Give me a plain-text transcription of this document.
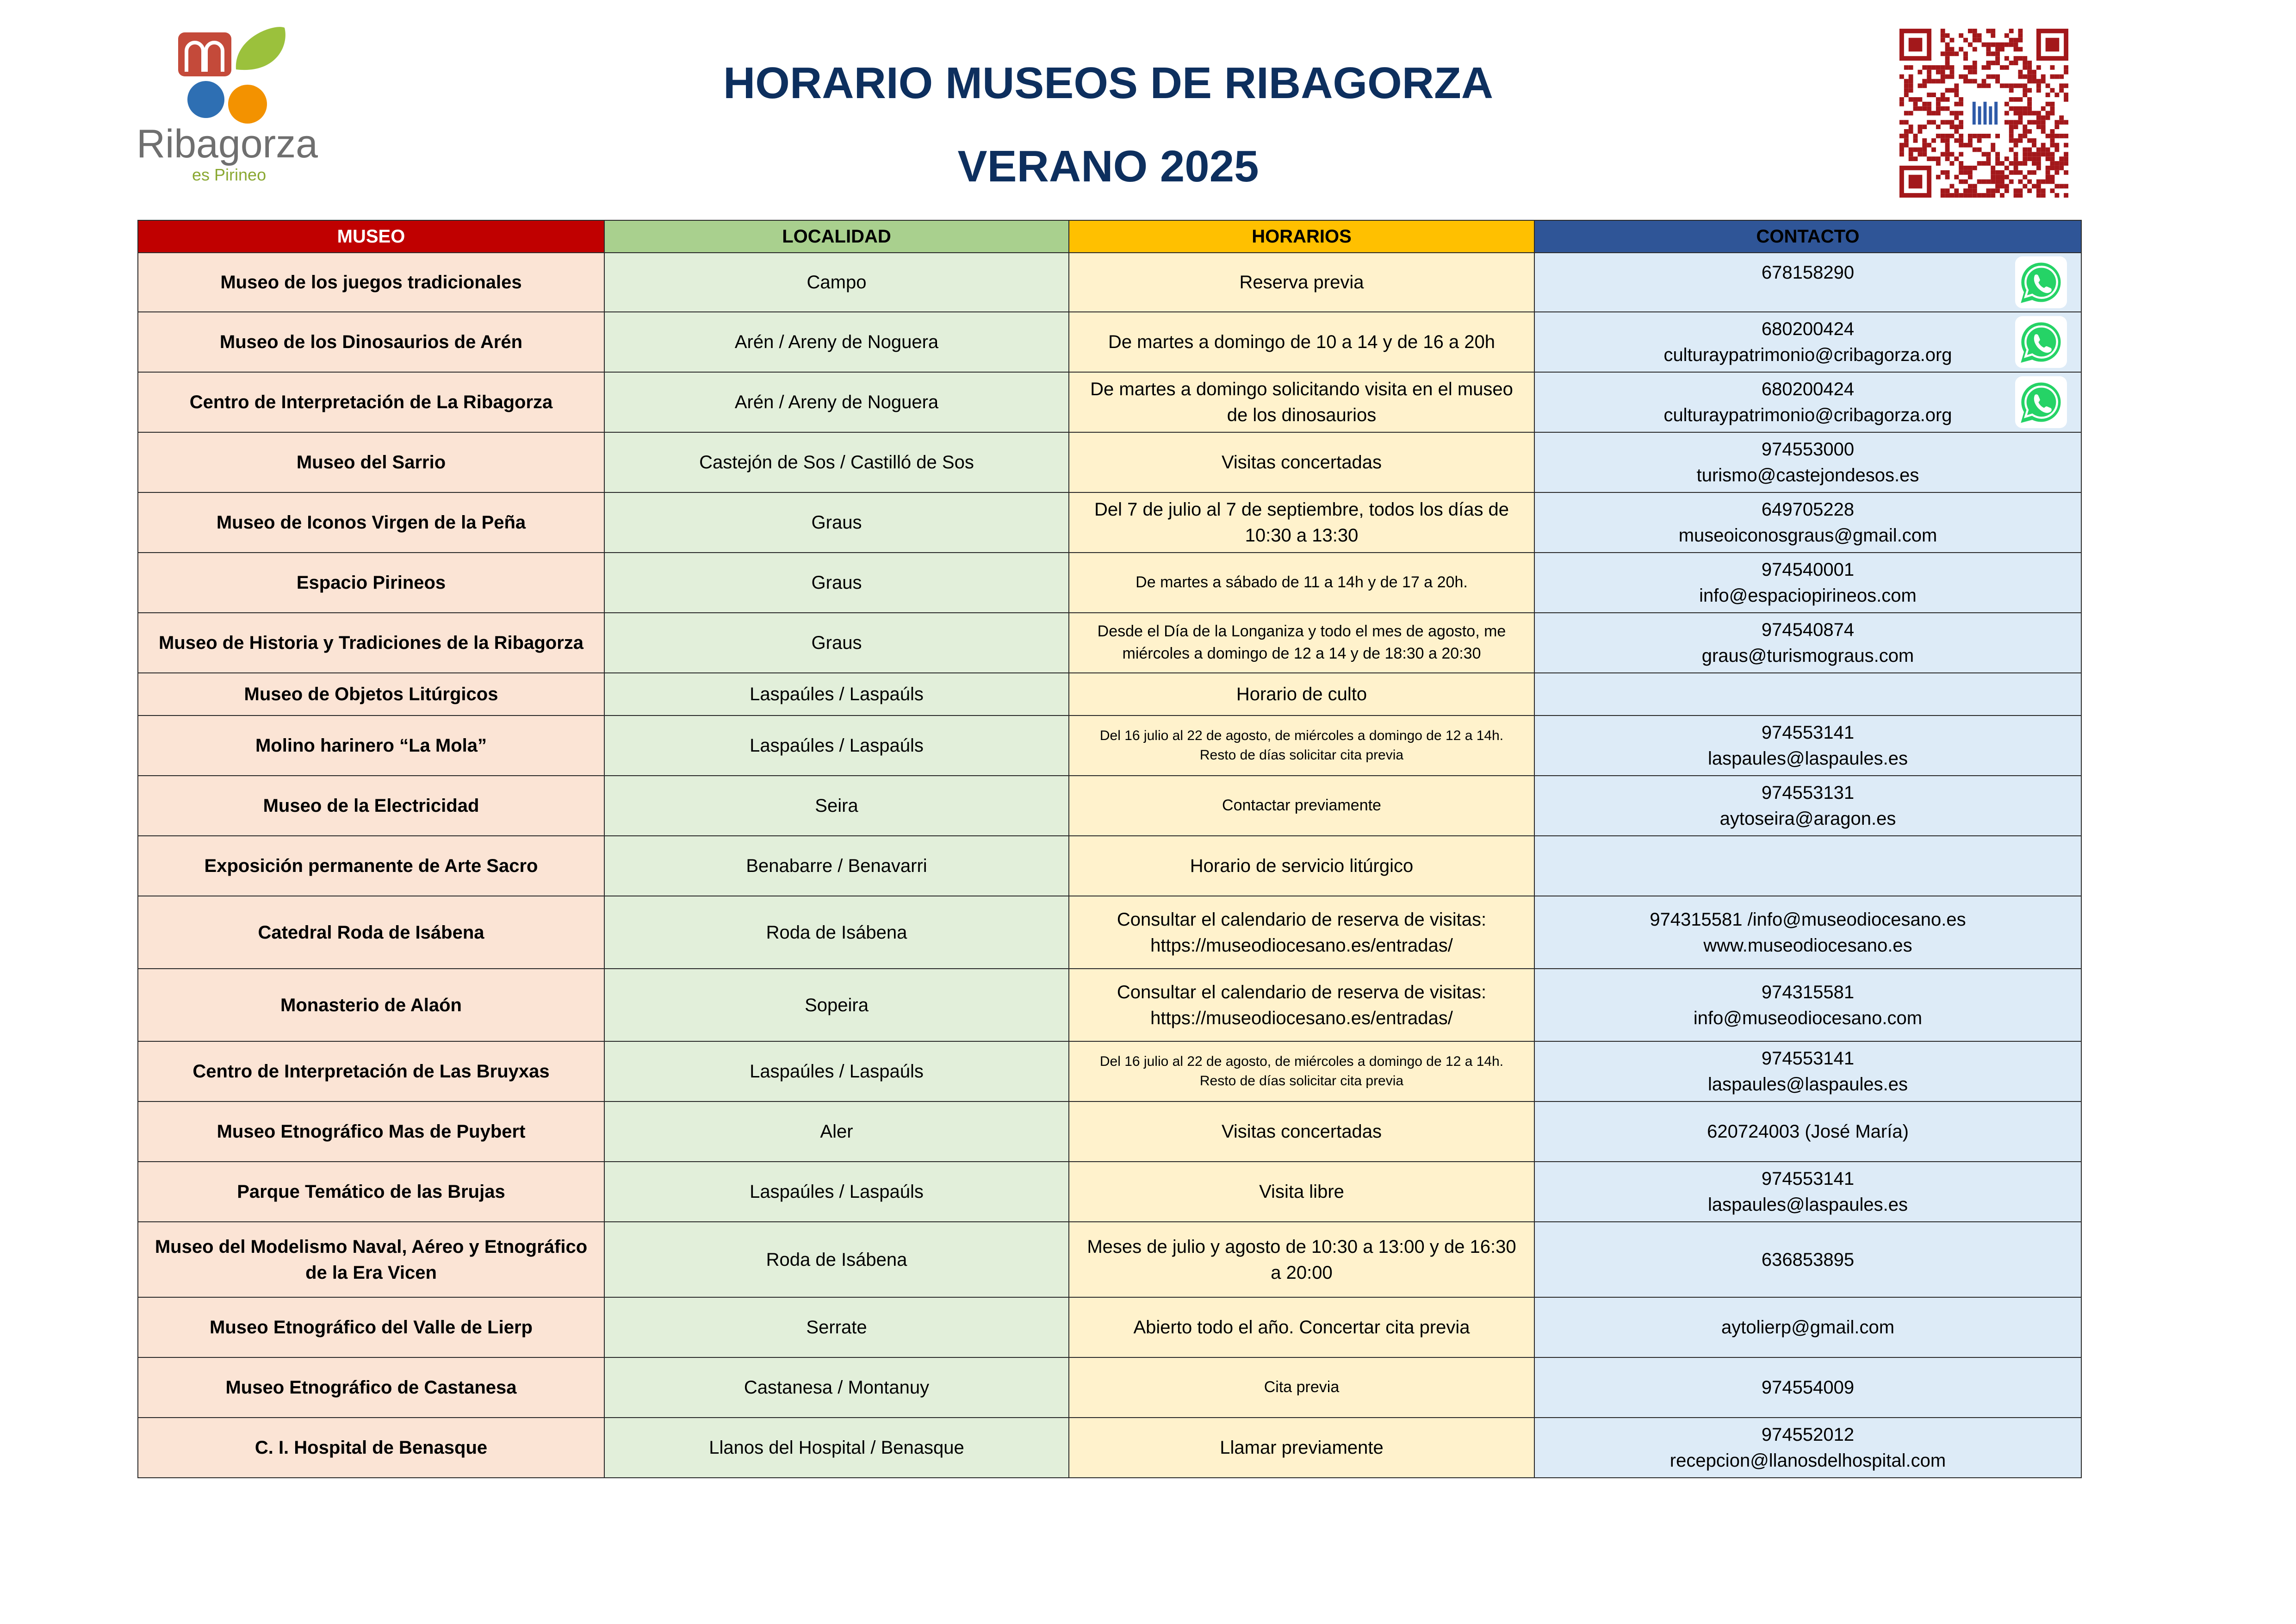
Ribagorza
es Pirineo
HORARIO MUSEOS DE RIBAGORZA
VERANO 2025
MUSEO	LOCALIDAD	HORARIOS	CONTACTO
Museo de los juegos tradicionales	Campo	Reserva previa	678158290

Museo de los Dinosaurios de Arén	Arén / Areny de Noguera	De martes a domingo de 10 a 14 y de 16 a 20h	680200424
culturaypatrimonio@cribagorza.org

Centro de Interpretación de La Ribagorza	Arén / Areny de Noguera	De martes a domingo solicitando visita en el museo de los dinosaurios	680200424
culturaypatrimonio@cribagorza.org

Museo del Sarrio	Castejón de Sos / Castilló de Sos	Visitas concertadas	974553000
turismo@castejondesos.es

Museo de Iconos Virgen de la Peña	Graus	Del 7 de julio al 7 de septiembre, todos los días de 10:30 a 13:30	649705228
museoiconosgraus@gmail.com

Espacio Pirineos	Graus	De martes a sábado de 11 a 14h y de 17 a 20h.	974540001
info@espaciopirineos.com

Museo de Historia y Tradiciones de la Ribagorza	Graus	Desde el Día de la Longaniza y todo el mes de agosto, me miércoles a domingo de 12 a 14 y de 18:30 a 20:30	974540874
graus@turismograus.com

Museo de Objetos Litúrgicos	Laspaúles / Laspaúls	Horario de culto	
Molino harinero “La Mola”	Laspaúles / Laspaúls	Del 16 julio al 22 de agosto, de miércoles a domingo de 12 a 14h. Resto de días solicitar cita previa	974553141
laspaules@laspaules.es

Museo de la Electricidad	Seira	Contactar previamente	974553131
aytoseira@aragon.es

Exposición permanente de Arte Sacro	Benabarre / Benavarri	Horario de servicio litúrgico	
Catedral Roda de Isábena	Roda de Isábena	Consultar el calendario de reserva de visitas: https://museodiocesano.es/entradas/	974315581 /info@museodiocesano.es
www.museodiocesano.es

Monasterio de Alaón	Sopeira	Consultar el calendario de reserva de visitas: https://museodiocesano.es/entradas/	974315581
info@museodiocesano.com

Centro de Interpretación de Las Bruyxas	Laspaúles / Laspaúls	Del 16 julio al 22 de agosto, de miércoles a domingo de 12 a 14h. Resto de días solicitar cita previa	974553141
laspaules@laspaules.es

Museo Etnográfico Mas de Puybert	Aler	Visitas concertadas	620724003 (José María)

Parque Temático de las Brujas	Laspaúles / Laspaúls	Visita libre	974553141
laspaules@laspaules.es

Museo del Modelismo Naval, Aéreo y Etnográfico de la Era Vicen	Roda de Isábena	Meses de julio y agosto de 10:30 a 13:00 y de 16:30 a 20:00	636853895

Museo Etnográfico del Valle de Lierp	Serrate	Abierto todo el año. Concertar cita previa	aytolierp@gmail.com

Museo Etnográfico de Castanesa	Castanesa / Montanuy	Cita previa	974554009

C. I. Hospital de Benasque	Llanos del Hospital / Benasque	Llamar previamente	974552012
recepcion@llanosdelhospital.com
